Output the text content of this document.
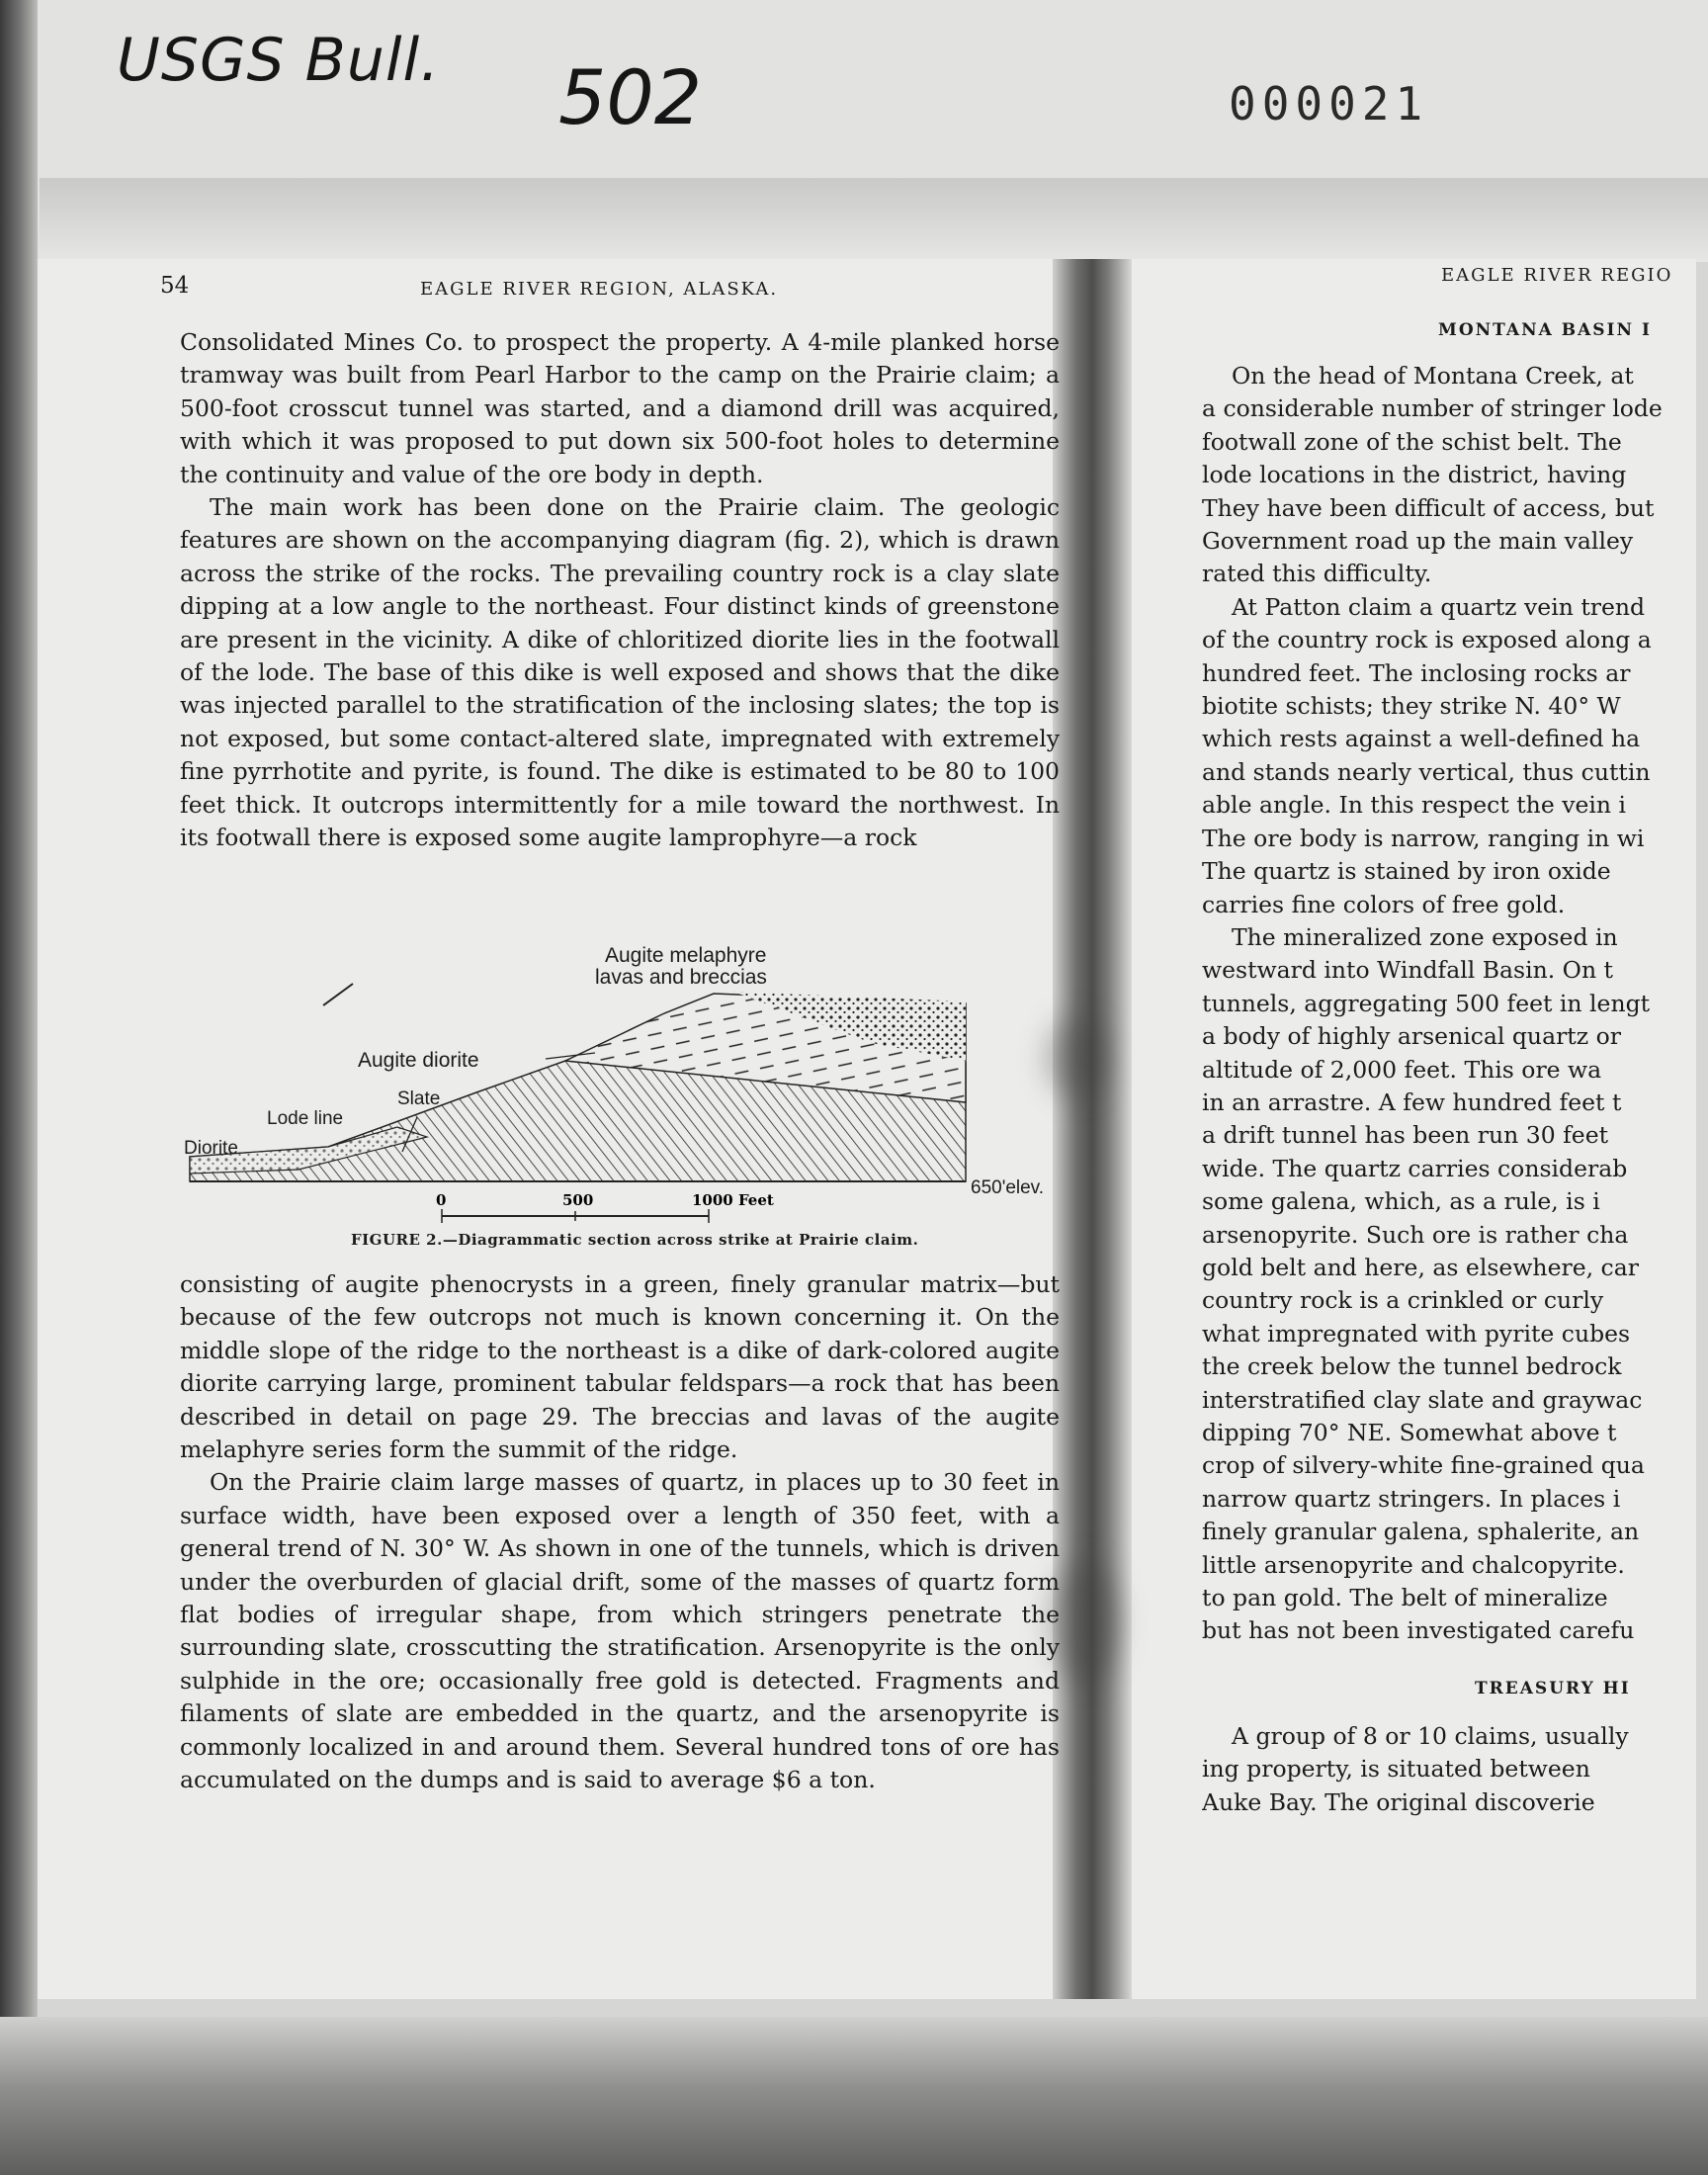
USGS Bull. 502	000021
54	EAGLE RIVER REGION, ALASKA.

Consolidated Mines Co. to prospect the property. A 4-mile planked horse tramway was built from Pearl Harbor to the camp on the Prairie claim; a 500-foot crosscut tunnel was started, and a diamond drill was acquired, with which it was proposed to put down six 500-foot holes to determine the continuity and value of the ore body in depth.

The main work has been done on the Prairie claim. The geologic features are shown on the accompanying diagram (fig. 2), which is drawn across the strike of the rocks. The prevailing country rock is a clay slate dipping at a low angle to the northeast. Four distinct kinds of greenstone are present in the vicinity. A dike of chloritized diorite lies in the footwall of the lode. The base of this dike is well exposed and shows that the dike was injected parallel to the stratification of the inclosing slates; the top is not exposed, but some contact-altered slate, impregnated with extremely fine pyrrhotite and pyrite, is found. The dike is estimated to be 80 to 100 feet thick. It outcrops intermittently for a mile toward the northwest. In its footwall there is exposed some augite lamprophyre—a rock

Augite melaphyre
lavas and breccias
Augite diorite
Slate
Lode line
Diorite
650'elev.
0	500	1000 Feet
FIGURE 2.—Diagrammatic section across strike at Prairie claim.

consisting of augite phenocrysts in a green, finely granular matrix—but because of the few outcrops not much is known concerning it. On the middle slope of the ridge to the northeast is a dike of dark-colored augite diorite carrying large, prominent tabular feldspars—a rock that has been described in detail on page 29. The breccias and lavas of the augite melaphyre series form the summit of the ridge.

On the Prairie claim large masses of quartz, in places up to 30 feet in surface width, have been exposed over a length of 350 feet, with a general trend of N. 30° W. As shown in one of the tunnels, which is driven under the overburden of glacial drift, some of the masses of quartz form flat bodies of irregular shape, from which stringers penetrate the surrounding slate, crosscutting the stratification. Arsenopyrite is the only sulphide in the ore; occasionally free gold is detected. Fragments and filaments of slate are embedded in the quartz, and the arsenopyrite is commonly localized in and around them. Several hundred tons of ore has accumulated on the dumps and is said to average $6 a ton.

EAGLE RIVER REGIO
MONTANA BASIN I
On the head of Montana Creek, at
a considerable number of stringer lode
footwall zone of the schist belt. The
lode locations in the district, having
They have been difficult of access, but
Government road up the main valley
rated this difficulty.
At Patton claim a quartz vein trend
of the country rock is exposed along a
hundred feet. The inclosing rocks ar
biotite schists; they strike N. 40° W
which rests against a well-defined ha
and stands nearly vertical, thus cuttin
able angle. In this respect the vein i
The ore body is narrow, ranging in wi
The quartz is stained by iron oxide
carries fine colors of free gold.
The mineralized zone exposed in
westward into Windfall Basin. On t
tunnels, aggregating 500 feet in lengt
a body of highly arsenical quartz or
altitude of 2,000 feet. This ore wa
in an arrastre. A few hundred feet t
a drift tunnel has been run 30 feet
wide. The quartz carries considerab
some galena, which, as a rule, is i
arsenopyrite. Such ore is rather cha
gold belt and here, as elsewhere, car
country rock is a crinkled or curly
what impregnated with pyrite cubes
the creek below the tunnel bedrock
interstratified clay slate and graywac
dipping 70° NE. Somewhat above t
crop of silvery-white fine-grained qua
narrow quartz stringers. In places i
finely granular galena, sphalerite, an
little arsenopyrite and chalcopyrite.
to pan gold. The belt of mineralize
but has not been investigated carefu
TREASURY HI
A group of 8 or 10 claims, usually
ing property, is situated between
Auke Bay. The original discoverie
